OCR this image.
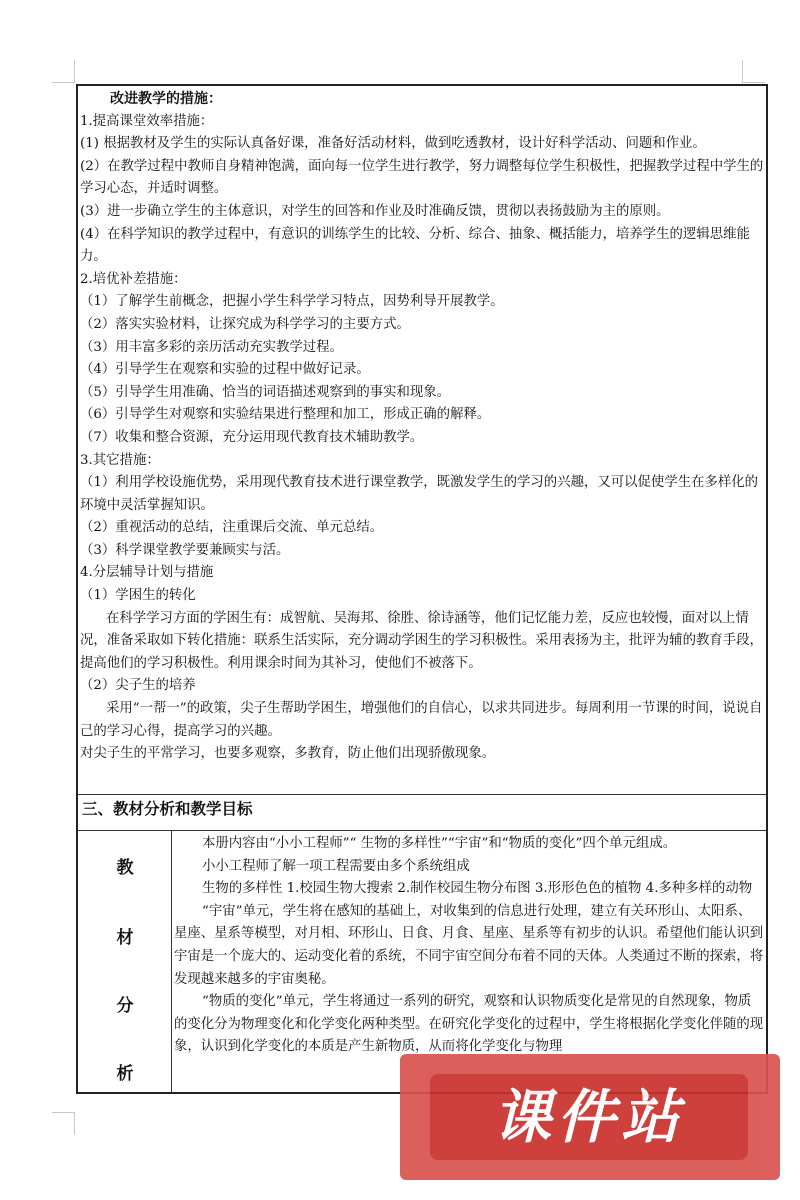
改进教学的措施：
1.提高课堂效率措施：
(1) 根据教材及学生的实际认真备好课，准备好活动材料，做到吃透教材，设计好科学活动、问题和作业。
(2）在教学过程中教师自身精神饱满，面向每一位学生进行教学，努力调整每位学生积极性，把握教学过程中学生的学习心态，并适时调整。
(3）进一步确立学生的主体意识，对学生的回答和作业及时准确反馈，贯彻以表扬鼓励为主的原则。
(4）在科学知识的教学过程中，有意识的训练学生的比较、分析、综合、抽象、概括能力，培养学生的逻辑思维能力。
2.培优补差措施：
（1）了解学生前概念，把握小学生科学学习特点，因势利导开展教学。
（2）落实实验材料，让探究成为科学学习的主要方式。
（3）用丰富多彩的亲历活动充实教学过程。
（4）引导学生在观察和实验的过程中做好记录。
（5）引导学生用准确、恰当的词语描述观察到的事实和现象。
（6）引导学生对观察和实验结果进行整理和加工，形成正确的解释。
（7）收集和整合资源，充分运用现代教育技术辅助教学。
3.其它措施：
（1）利用学校设施优势，采用现代教育技术进行课堂教学，既激发学生的学习的兴趣，又可以促使学生在多样化的环境中灵活掌握知识。
（2）重视活动的总结，注重课后交流、单元总结。
（3）科学课堂教学要兼顾实与活。
4.分层辅导计划与措施
（1）学困生的转化
在科学学习方面的学困生有：成智航、吴海邦、徐胜、徐诗涵等，他们记忆能力差，反应也较慢，面对以上情况，准备采取如下转化措施：联系生活实际，充分调动学困生的学习积极性。采用表扬为主，批评为辅的教育手段，提高他们的学习积极性。利用课余时间为其补习，使他们不被落下。
（2）尖子生的培养
采用“一帮一”的政策，尖子生帮助学困生，增强他们的自信心，以求共同进步。每周利用一节课的时间，说说自己的学习心得，提高学习的兴趣。
对尖子生的平常学习，也要多观察，多教育，防止他们出现骄傲现象。
三、教材分析和教学目标
教
材
分
析
本册内容由“小小工程师”“ 生物的多样性”“宇宙”和“物质的变化”四个单元组成。
小小工程师了解一项工程需要由多个系统组成
生物的多样性 1.校园生物大搜索 2.制作校园生物分布图 3.形形色色的植物 4.多种多样的动物
“宇宙”单元，学生将在感知的基础上，对收集到的信息进行处理，建立有关环形山、太阳系、星座、星系等模型，对月相、环形山、日食、月食、星座、星系等有初步的认识。希望他们能认识到宇宙是一个庞大的、运动变化着的系统，不同宇宙空间分布着不同的天体。人类通过不断的探索，将发现越来越多的宇宙奥秘。
“物质的变化”单元，学生将通过一系列的研究，观察和认识物质变化是常见的自然现象，物质的变化分为物理变化和化学变化两种类型。在研究化学变化的过程中，学生将根据化学变化伴随的现象，认识到化学变化的本质是产生新物质，从而将化学变化与物理
课件站
